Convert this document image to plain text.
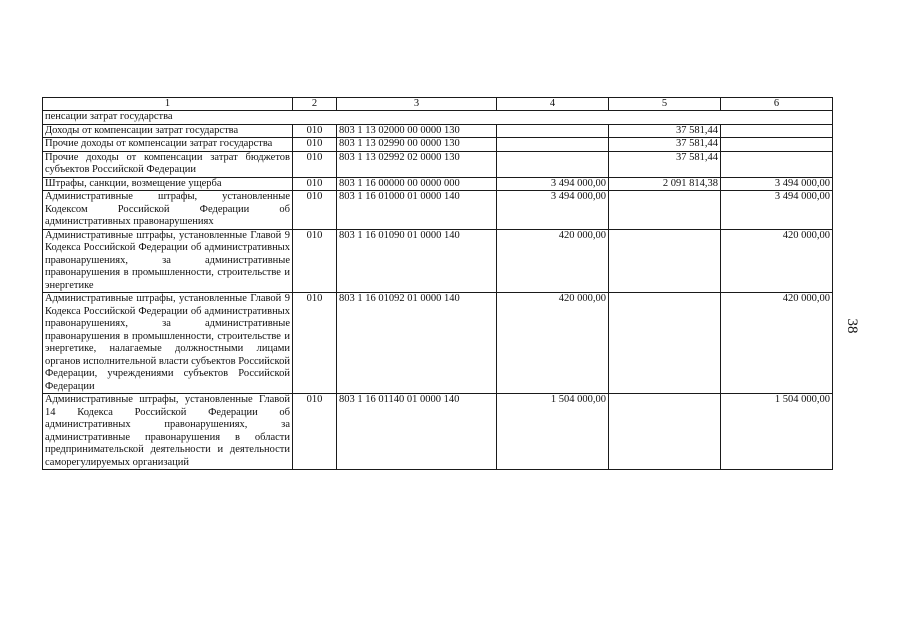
1	2	3	4	5	6
пенсации затрат государства					
Доходы от компенсации затрат государства	010	803 1 13 02000 00 0000 130		37 581,44	
Прочие доходы от компенсации затрат государства	010	803 1 13 02990 00 0000 130		37 581,44	
Прочие доходы от компенсации затрат бюджетов субъектов Российской Федерации	010	803 1 13 02992 02 0000 130		37 581,44	
Штрафы, санкции, возмещение ущерба	010	803 1 16 00000 00 0000 000	3 494 000,00	2 091 814,38	3 494 000,00
Административные штрафы, установленные Кодексом Российской Федерации об административных правонарушениях	010	803 1 16 01000 01 0000 140	3 494 000,00		3 494 000,00
Административные штрафы, установленные Главой 9 Кодекса Российской Федерации об административных правонарушениях, за административные правонарушения в промышленности, строительстве и энергетике	010	803 1 16 01090 01 0000 140	420 000,00		420 000,00
Административные штрафы, установленные Главой 9 Кодекса Российской Федерации об административных правонарушениях, за административные правонарушения в промышленности, строительстве и энергетике, налагаемые должностными лицами органов исполнительной власти субъектов Российской Федерации, учреждениями субъектов Российской Федерации	010	803 1 16 01092 01 0000 140	420 000,00		420 000,00
Административные штрафы, установленные Главой 14 Кодекса Российской Федерации об административных правонарушениях, за административные правонарушения в области предпринимательской деятельности и деятельности саморегулируемых организаций	010	803 1 16 01140 01 0000 140	1 504 000,00		1 504 000,00
38
